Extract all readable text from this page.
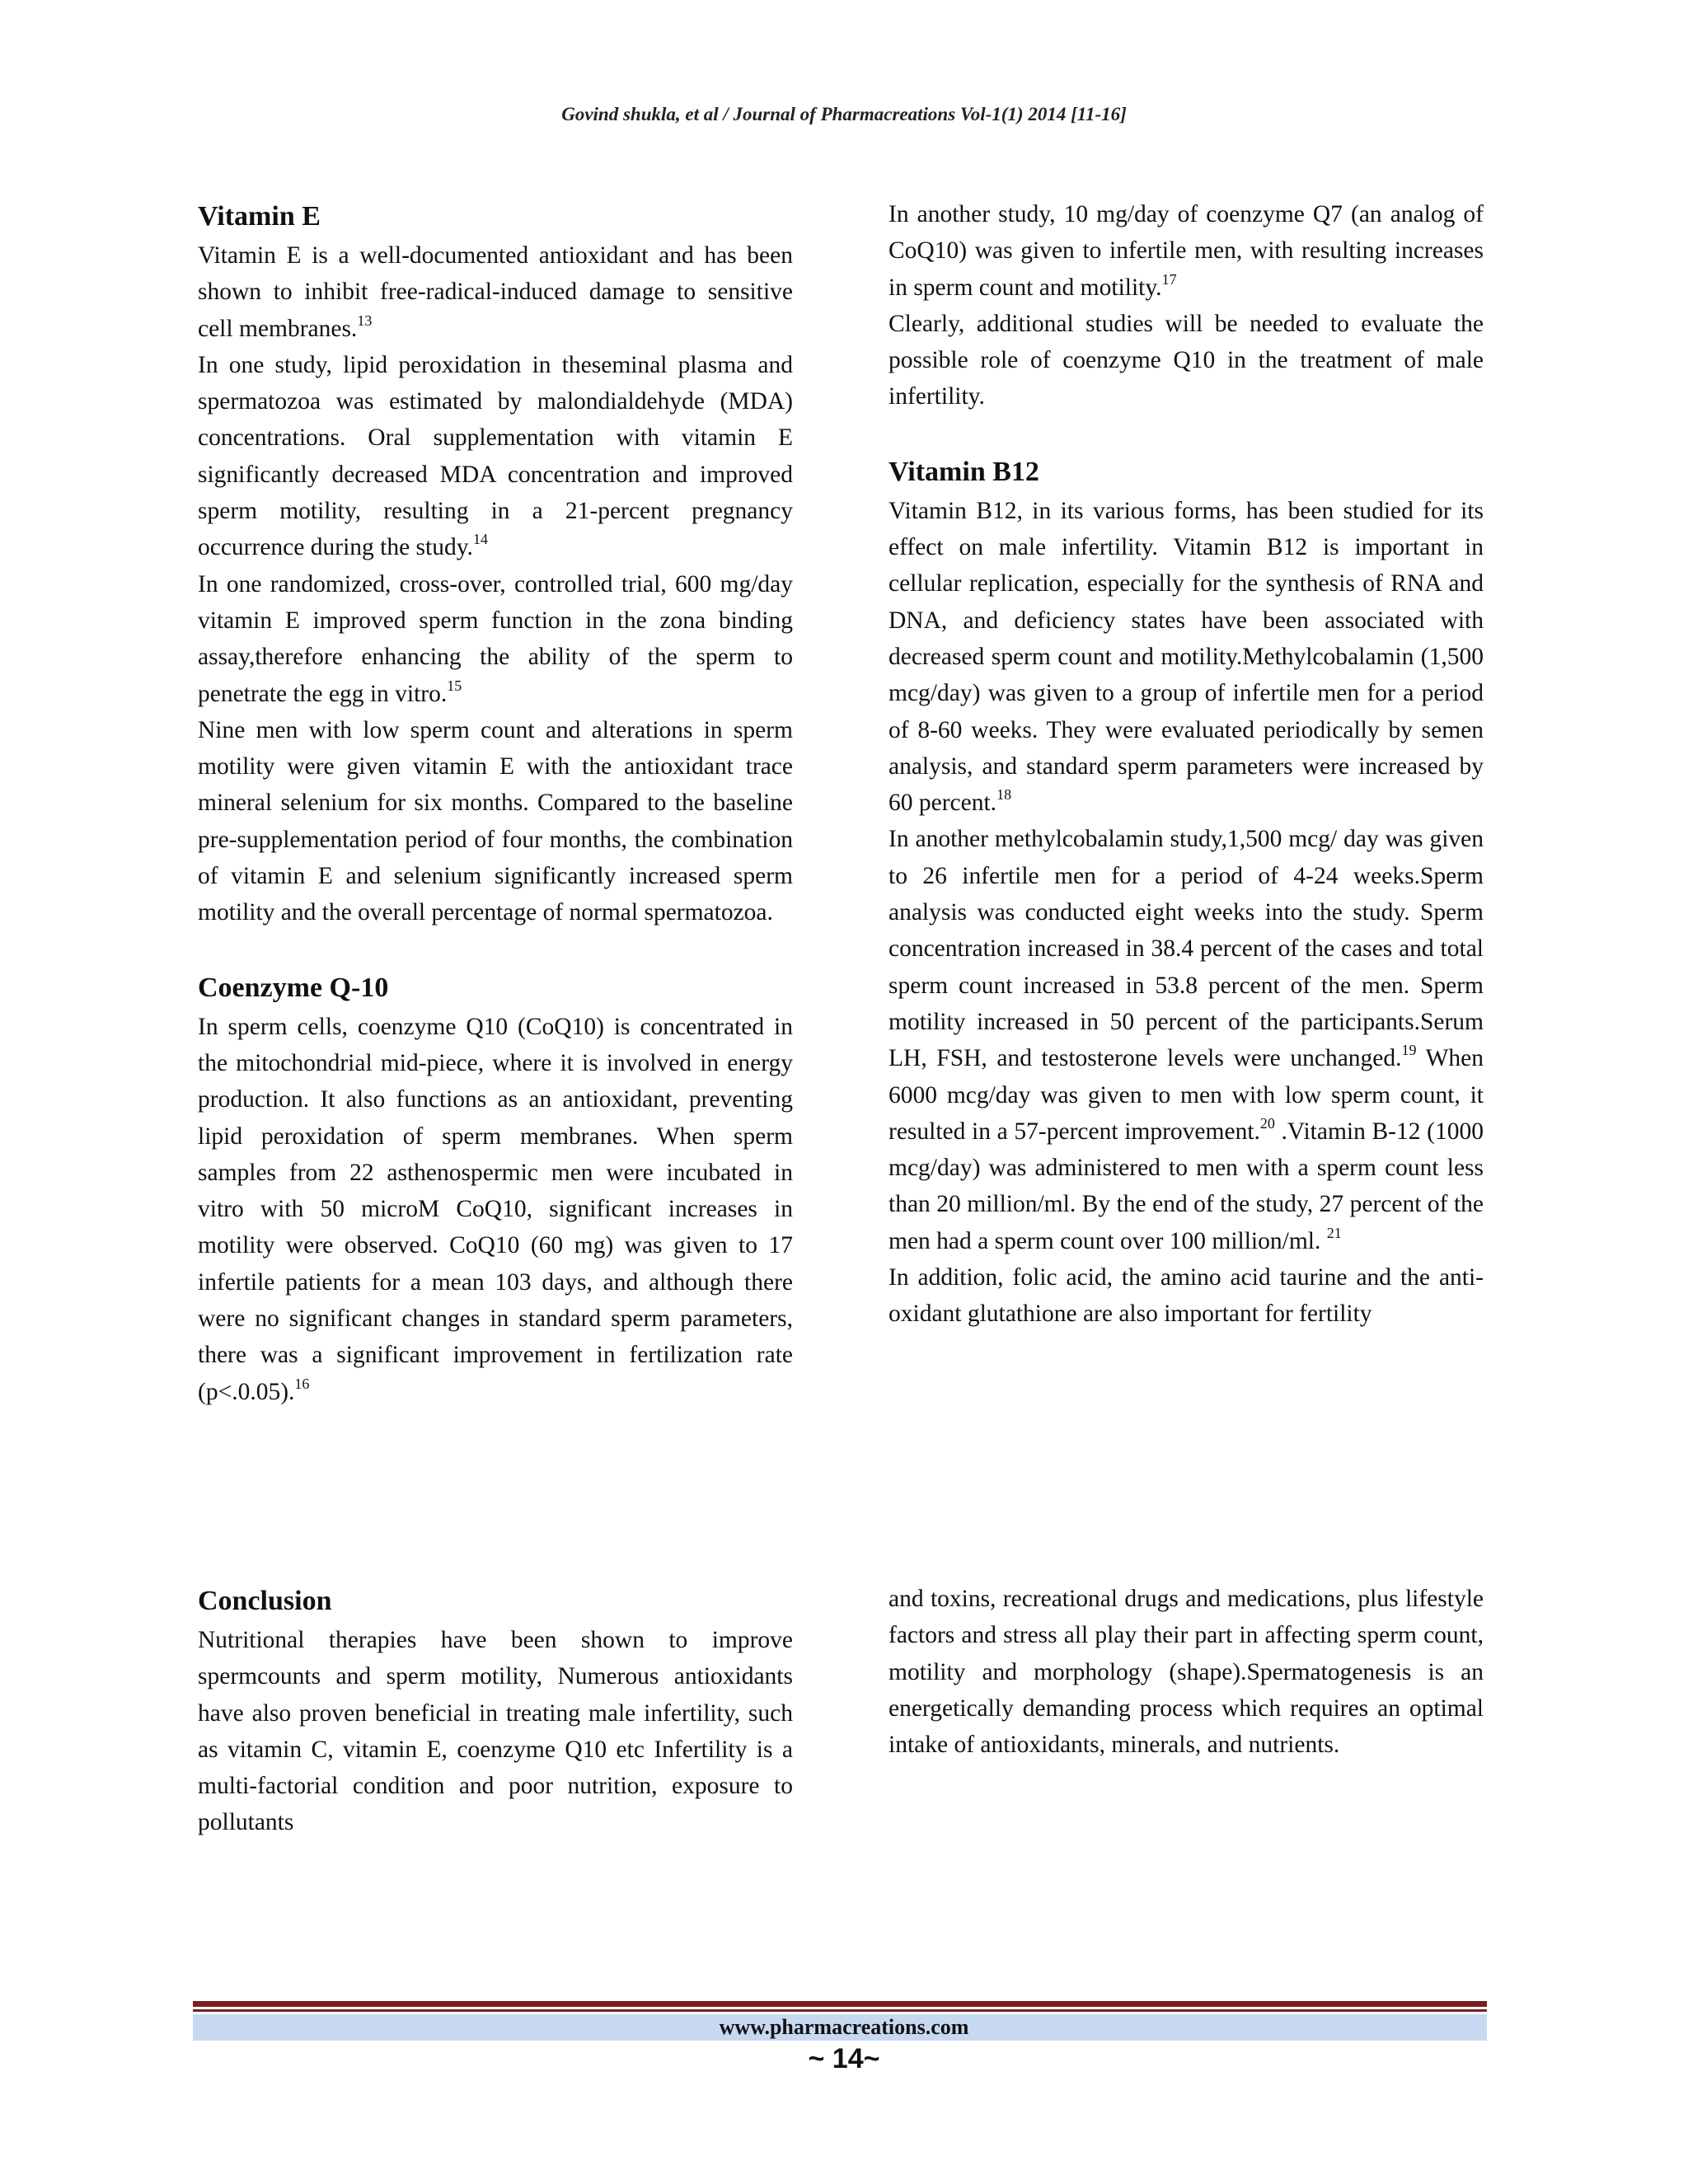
Govind shukla, et al / Journal of Pharmacreations Vol-1(1) 2014 [11-16]
Vitamin E

Vitamin E is a well-documented antioxidant and has been shown to inhibit free-radical-induced damage to sensitive cell membranes.$^{13}$

In one study, lipid peroxidation in theseminal plasma and spermatozoa was estimated by malondialdehyde (MDA) concentrations. Oral supplementation with vitamin E significantly decreased MDA concentration and improved sperm motility, resulting in a 21-percent pregnancy occurrence during the study.$^{14}$

In one randomized, cross-over, controlled trial, 600 mg/day vitamin E improved sperm function in the zona binding assay,therefore enhancing the ability of the sperm to penetrate the egg in vitro.$^{15}$

Nine men with low sperm count and alterations in sperm motility were given vitamin E with the antioxidant trace mineral selenium for six months. Compared to the baseline pre-supplementation period of four months, the combination of vitamin E and selenium significantly increased sperm motility and the overall percentage of normal spermatozoa.

Coenzyme Q-10

In sperm cells, coenzyme Q10 (CoQ10) is concentrated in the mitochondrial mid-piece, where it is involved in energy production. It also functions as an antioxidant, preventing lipid peroxidation of sperm membranes. When sperm samples from 22 asthenospermic men were incubated in vitro with 50 microM CoQ10, significant increases in motility were observed. CoQ10 (60 mg) was given to 17 infertile patients for a mean 103 days, and although there were no significant changes in standard sperm parameters, there was a significant improvement in fertilization rate (p<.0.05).$^{16}$

In another study, 10 mg/day of coenzyme Q7 (an analog of CoQ10) was given to infertile men, with resulting increases in sperm count and motility.$^{17}$

Clearly, additional studies will be needed to evaluate the possible role of coenzyme Q10 in the treatment of male infertility.

Vitamin B12

Vitamin B12, in its various forms, has been studied for its effect on male infertility. Vitamin B12 is important in cellular replication, especially for the synthesis of RNA and DNA, and deficiency states have been associated with decreased sperm count and motility.Methylcobalamin (1,500 mcg/day) was given to a group of infertile men for a period of 8-60 weeks. They were evaluated periodically by semen analysis, and standard sperm parameters were increased by 60 percent.$^{18}$

In another methylcobalamin study,1,500 mcg/ day was given to 26 infertile men for a period of 4-24 weeks.Sperm analysis was conducted eight weeks into the study. Sperm concentration increased in 38.4 percent of the cases and total sperm count increased in 53.8 percent of the men. Sperm motility increased in 50 percent of the participants.Serum LH, FSH, and testosterone levels were unchanged.$^{19}$ When 6000 mcg/day was given to men with low sperm count, it resulted in a 57-percent improvement.$^{20}$ .Vitamin B-12 (1000 mcg/day) was administered to men with a sperm count less than 20 million/ml. By the end of the study, 27 percent of the men had a sperm count over 100 million/ml. $^{21}$

In addition, folic acid, the amino acid taurine and the anti-oxidant glutathione are also important for fertility

Conclusion

Nutritional therapies have been shown to improve spermcounts and sperm motility, Numerous antioxidants have also proven beneficial in treating male infertility, such as vitamin C, vitamin E, coenzyme Q10 etc Infertility is a multi-factorial condition and poor nutrition, exposure to pollutants

and toxins, recreational drugs and medications, plus lifestyle factors and stress all play their part in affecting sperm count, motility and morphology (shape).Spermatogenesis is an energetically demanding process which requires an optimal intake of antioxidants, minerals, and nutrients.

www.pharmacreations.com
~ 14~
